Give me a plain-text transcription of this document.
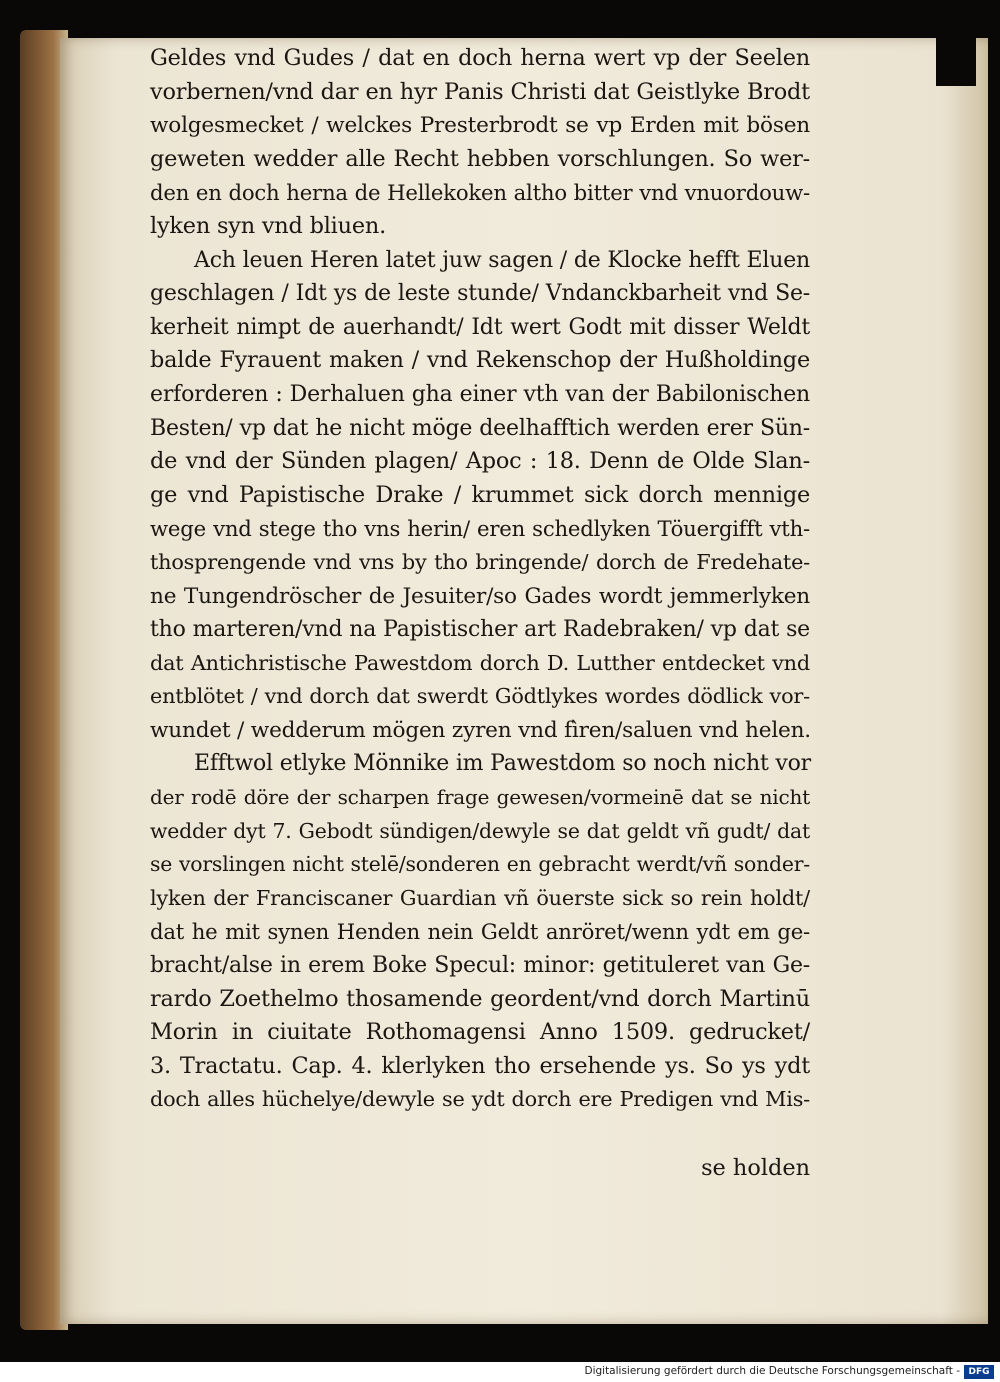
Geldes vnd Gudes / dat en doch herna wert vp der Seelen
vorbernen/vnd dar en hyr Panis Christi dat Geistlyke Brodt
wolgesmecket / welckes Presterbrodt se vp Erden mit bösen
geweten wedder alle Recht hebben vorschlungen. So wer-
den en doch herna de Hellekoken altho bitter vnd vnuordouw-
lyken syn vnd bliuen.
Ach leuen Heren latet juw sagen / de Klocke hefft Eluen
geschlagen / Idt ys de leste stunde/ Vndanckbarheit vnd Se-
kerheit nimpt de auerhandt/ Idt wert Godt mit disser Weldt
balde Fyrauent maken / vnd Rekenschop der Hußholdinge
erforderen : Derhaluen gha einer vth van der Babilonischen
Besten/ vp dat he nicht möge deelhafftich werden erer Sün-
de vnd der Sünden plagen/ Apoc : 18. Denn de Olde Slan-
ge vnd Papistische Drake / krummet sick dorch mennige
wege vnd stege tho vns herin/ eren schedlyken Töuergifft vth-
thosprengende vnd vns by tho bringende/ dorch de Fredehate-
ne Tungendröscher de Jesuiter/so Gades wordt jemmerlyken
tho marteren/vnd na Papistischer art Radebraken/ vp dat se
dat Antichristische Pawestdom dorch D. Lutther entdecket vnd
entblötet / vnd dorch dat swerdt Gödtlykes wordes dödlick vor-
wundet / wedderum mögen zyren vnd fìren/saluen vnd helen.
Efftwol etlyke Mönnike im Pawestdom so noch nicht vor
der rodē döre der scharpen frage gewesen/vormeinē dat se nicht
wedder dyt 7. Gebodt sündigen/dewyle se dat geldt vñ gudt/ dat
se vorslingen nicht stelē/sonderen en gebracht werdt/vñ sonder-
lyken der Franciscaner Guardian vñ öuerste sick so rein holdt/
dat he mit synen Henden nein Geldt anröret/wenn ydt em ge-
bracht/alse in erem Boke Specul: minor: getituleret van Ge-
rardo Zoethelmo thosamende geordent/vnd dorch Martinū
Morin in ciuitate Rothomagensi Anno 1509. gedrucket/
3. Tractatu. Cap. 4. klerlyken tho ersehende ys. So ys ydt
doch alles hüchelye/dewyle se ydt dorch ere Predigen vnd Mis-
se holden
Digitalisierung gefördert durch die Deutsche Forschungsgemeinschaft - DFG
